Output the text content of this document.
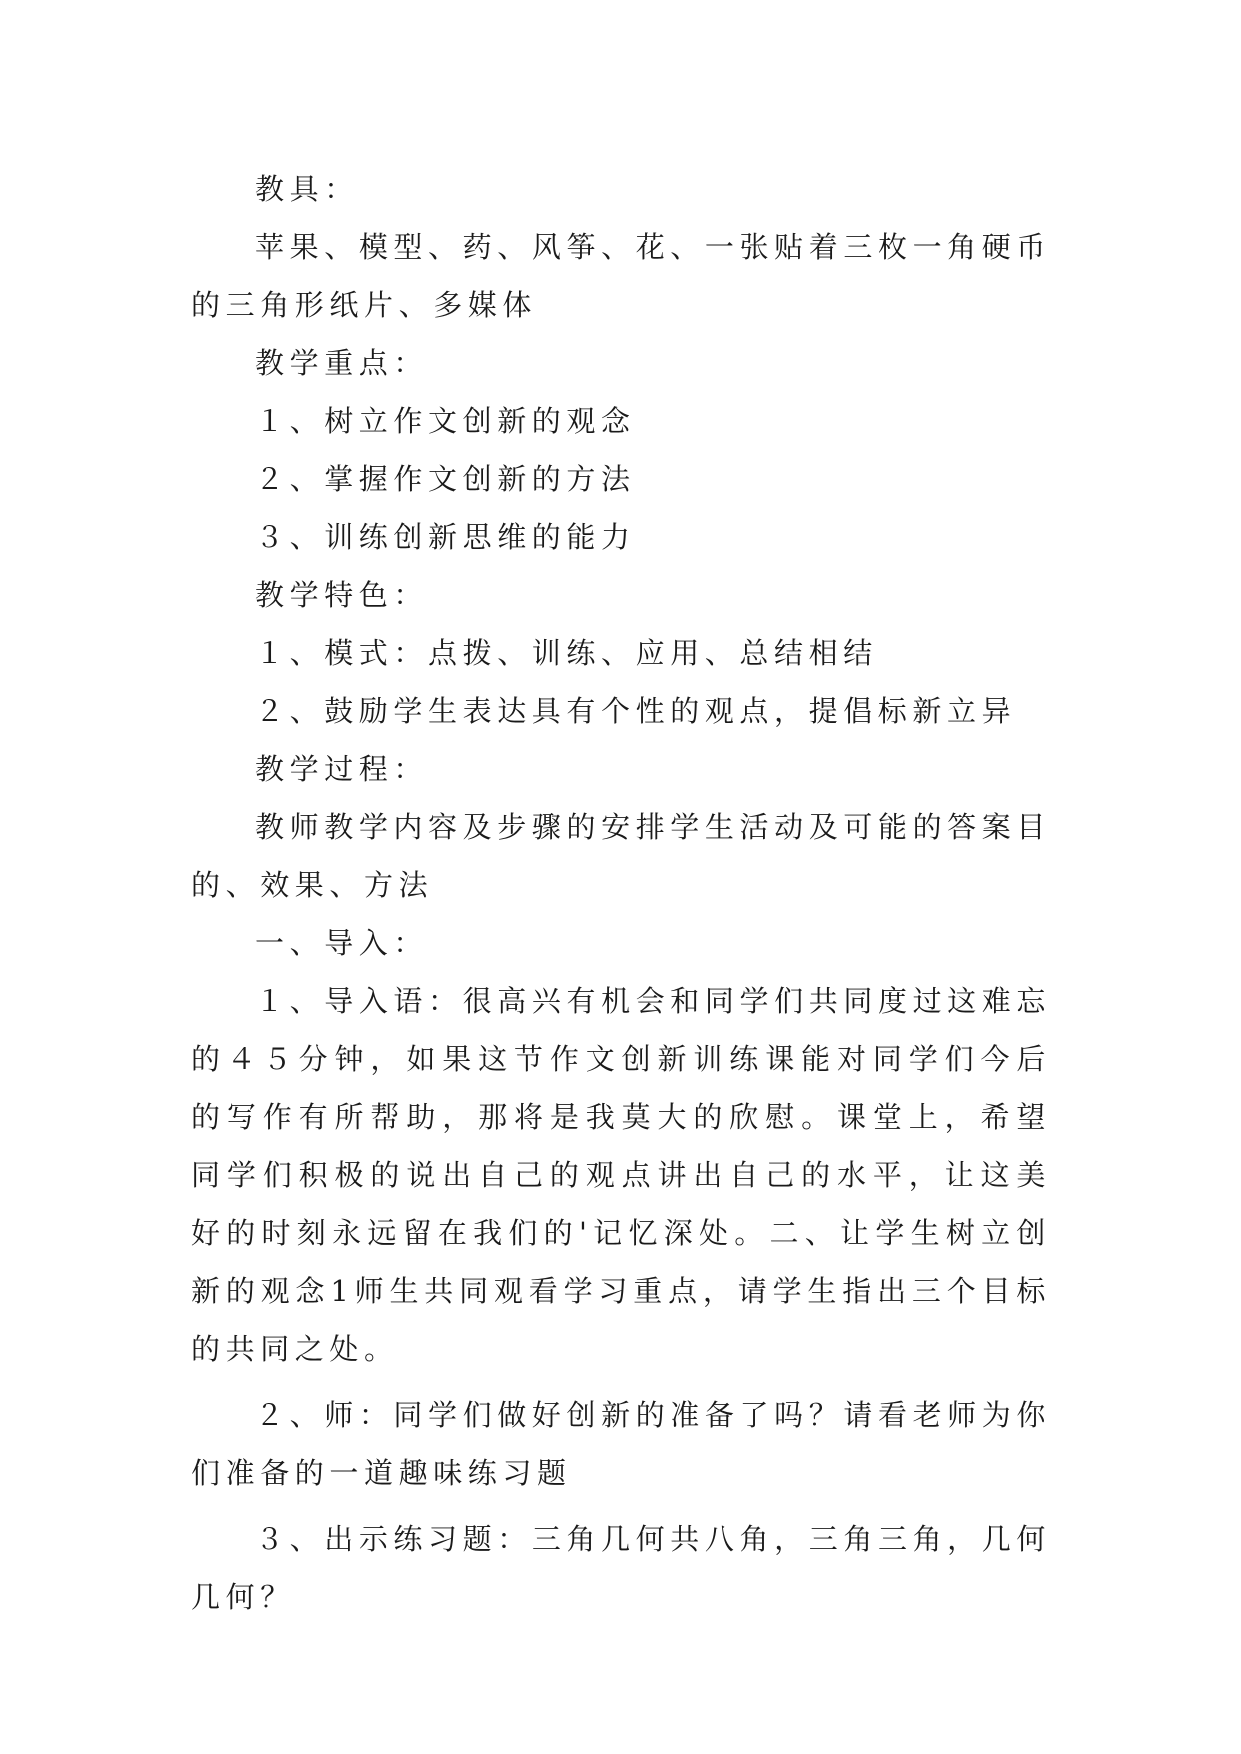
教具：

苹果、模型、药、风筝、花、一张贴着三枚一角硬币的三角形纸片、多媒体

教学重点：

１、树立作文创新的观念

２、掌握作文创新的方法

３、训练创新思维的能力

教学特色：

１、模式：点拨、训练、应用、总结相结

２、鼓励学生表达具有个性的观点，提倡标新立异

教学过程：

教师教学内容及步骤的安排学生活动及可能的答案目的、效果、方法

一、导入：

１、导入语：很高兴有机会和同学们共同度过这难忘的４５分钟，如果这节作文创新训练课能对同学们今后的写作有所帮助，那将是我莫大的欣慰。课堂上，希望同学们积极的说出自己的观点讲出自己的水平，让这美好的时刻永远留在我们的'记忆深处。二、让学生树立创新的观念1师生共同观看学习重点，请学生指出三个目标的共同之处。

２、师：同学们做好创新的准备了吗？请看老师为你们准备的一道趣味练习题

３、出示练习题：三角几何共八角，三角三角，几何几何？
